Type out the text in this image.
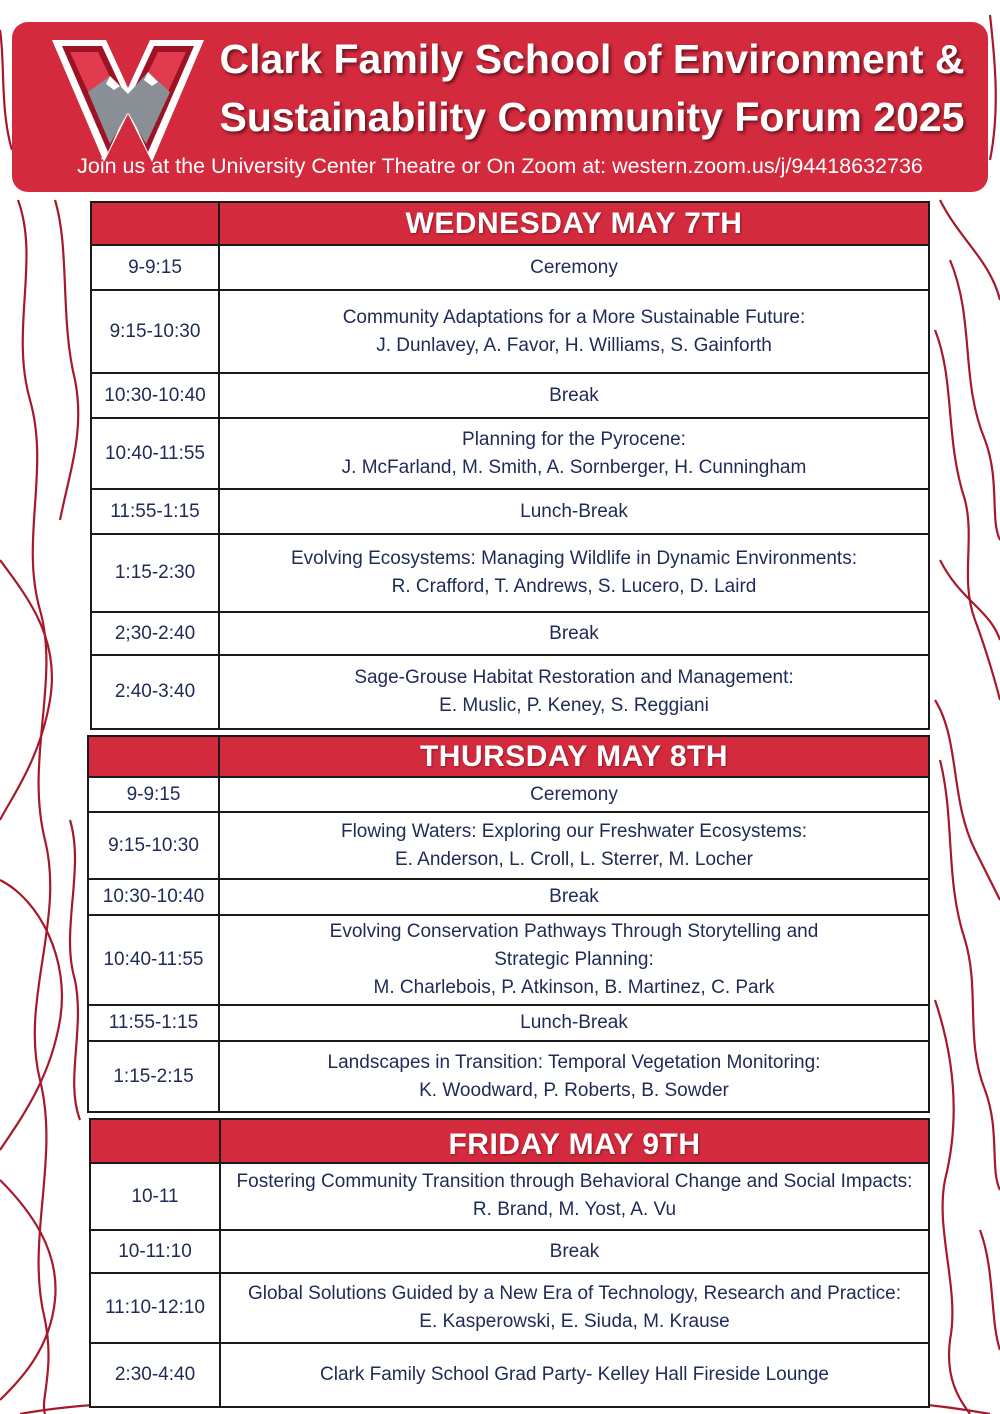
Clark Family School of Environment &
Sustainability Community Forum 2025
Join us at the University Center Theatre or On Zoom at: western.zoom.us/j/94418632736
	WEDNESDAY MAY 7TH
9-9:15	Ceremony

9:15-10:30	Community Adaptations for a More Sustainable Future:
J. Dunlavey, A. Favor, H. Williams, S. Gainforth

10:30-10:40	Break

10:40-11:55	Planning for the Pyrocene:
J. McFarland, M. Smith, A. Sornberger, H. Cunningham

11:55-1:15	Lunch-Break

1:15-2:30	Evolving Ecosystems: Managing Wildlife in Dynamic Environments:
R. Crafford, T. Andrews, S. Lucero, D. Laird

2;30-2:40	Break

2:40-3:40	Sage-Grouse Habitat Restoration and Management:
E. Muslic, P. Keney, S. Reggiani
	THURSDAY MAY 8TH
9-9:15	Ceremony

9:15-10:30	Flowing Waters: Exploring our Freshwater Ecosystems:
E. Anderson, L. Croll, L. Sterrer, M. Locher

10:30-10:40	Break

10:40-11:55	Evolving Conservation Pathways Through Storytelling and
Strategic Planning:
M. Charlebois, P. Atkinson, B. Martinez, C. Park

11:55-1:15	Lunch-Break

1:15-2:15	Landscapes in Transition: Temporal Vegetation Monitoring:
K. Woodward, P. Roberts, B. Sowder
	FRIDAY MAY 9TH
10-11	Fostering Community Transition through Behavioral Change and Social Impacts:
R. Brand, M. Yost, A. Vu

10-11:10	Break

11:10-12:10	Global Solutions Guided by a New Era of Technology, Research and Practice:
E. Kasperowski, E. Siuda, M. Krause

2:30-4:40	Clark Family School Grad Party- Kelley Hall Fireside Lounge
